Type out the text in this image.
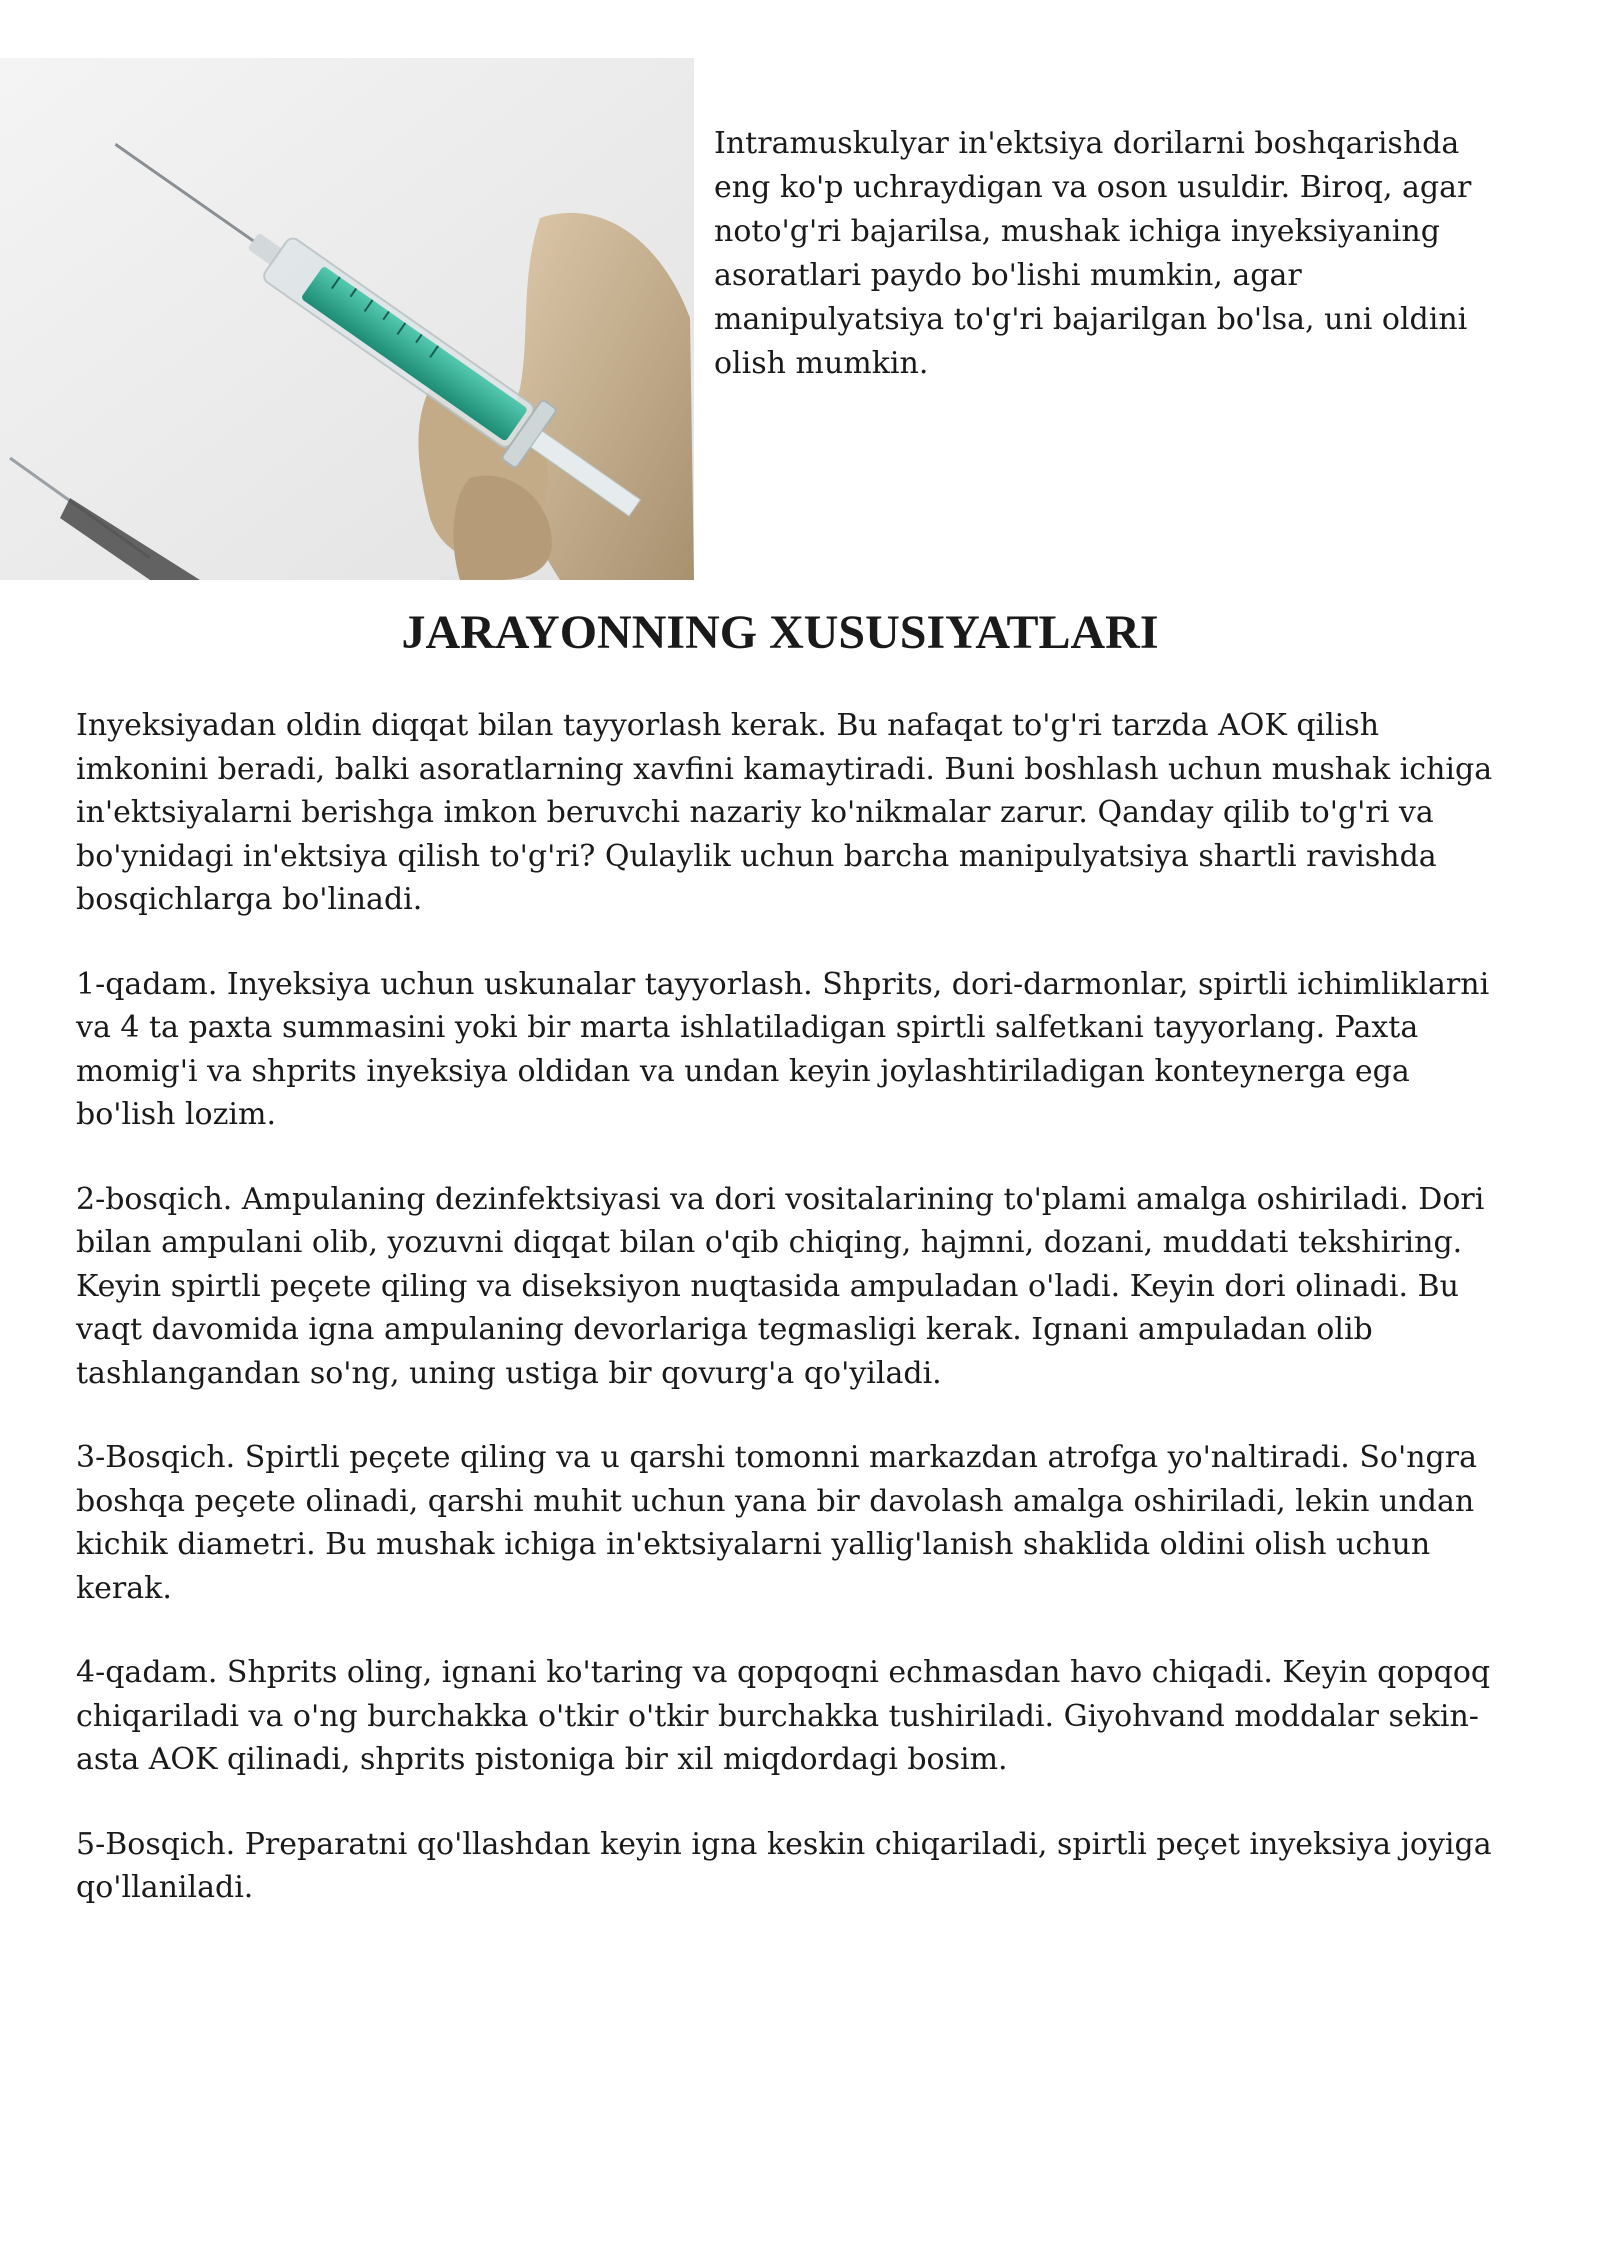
Intramuskulyar in'ektsiya dorilarni boshqarishda eng ko'p uchraydigan va oson usuldir. Biroq, agar noto'g'ri bajarilsa, mushak ichiga inyeksiyaning asoratlari paydo bo'lishi mumkin, agar manipulyatsiya to'g'ri bajarilgan bo'lsa, uni oldini olish mumkin.

JARAYONNING XUSUSIYATLARI

Inyeksiyadan oldin diqqat bilan tayyorlash kerak. Bu nafaqat to'g'ri tarzda AOK qilish imkonini beradi, balki asoratlarning xavfini kamaytiradi. Buni boshlash uchun mushak ichiga in'ektsiyalarni berishga imkon beruvchi nazariy ko'nikmalar zarur. Qanday qilib to'g'ri va bo'ynidagi in'ektsiya qilish to'g'ri? Qulaylik uchun barcha manipulyatsiya shartli ravishda bosqichlarga bo'linadi.

1-qadam. Inyeksiya uchun uskunalar tayyorlash. Shprits, dori-darmonlar, spirtli ichimliklarni va 4 ta paxta summasini yoki bir marta ishlatiladigan spirtli salfetkani tayyorlang. Paxta momig'i va shprits inyeksiya oldidan va undan keyin joylashtiriladigan konteynerga ega bo'lish lozim.

2-bosqich. Ampulaning dezinfektsiyasi va dori vositalarining to'plami amalga oshiriladi. Dori bilan ampulani olib, yozuvni diqqat bilan o'qib chiqing, hajmni, dozani, muddati tekshiring. Keyin spirtli peçete qiling va diseksiyon nuqtasida ampuladan o'ladi. Keyin dori olinadi. Bu vaqt davomida igna ampulaning devorlariga tegmasligi kerak. Ignani ampuladan olib tashlangandan so'ng, uning ustiga bir qovurg'a qo'yiladi.

3-Bosqich. Spirtli peçete qiling va u qarshi tomonni markazdan atrofga yo'naltiradi. So'ngra boshqa peçete olinadi, qarshi muhit uchun yana bir davolash amalga oshiriladi, lekin undan kichik diametri. Bu mushak ichiga in'ektsiyalarni yallig'lanish shaklida oldini olish uchun kerak.

4-qadam. Shprits oling, ignani ko'taring va qopqoqni echmasdan havo chiqadi. Keyin qopqoq chiqariladi va o'ng burchakka o'tkir o'tkir burchakka tushiriladi. Giyohvand moddalar sekin-asta AOK qilinadi, shprits pistoniga bir xil miqdordagi bosim.

5-Bosqich. Preparatni qo'llashdan keyin igna keskin chiqariladi, spirtli peçet inyeksiya joyiga qo'llaniladi.
